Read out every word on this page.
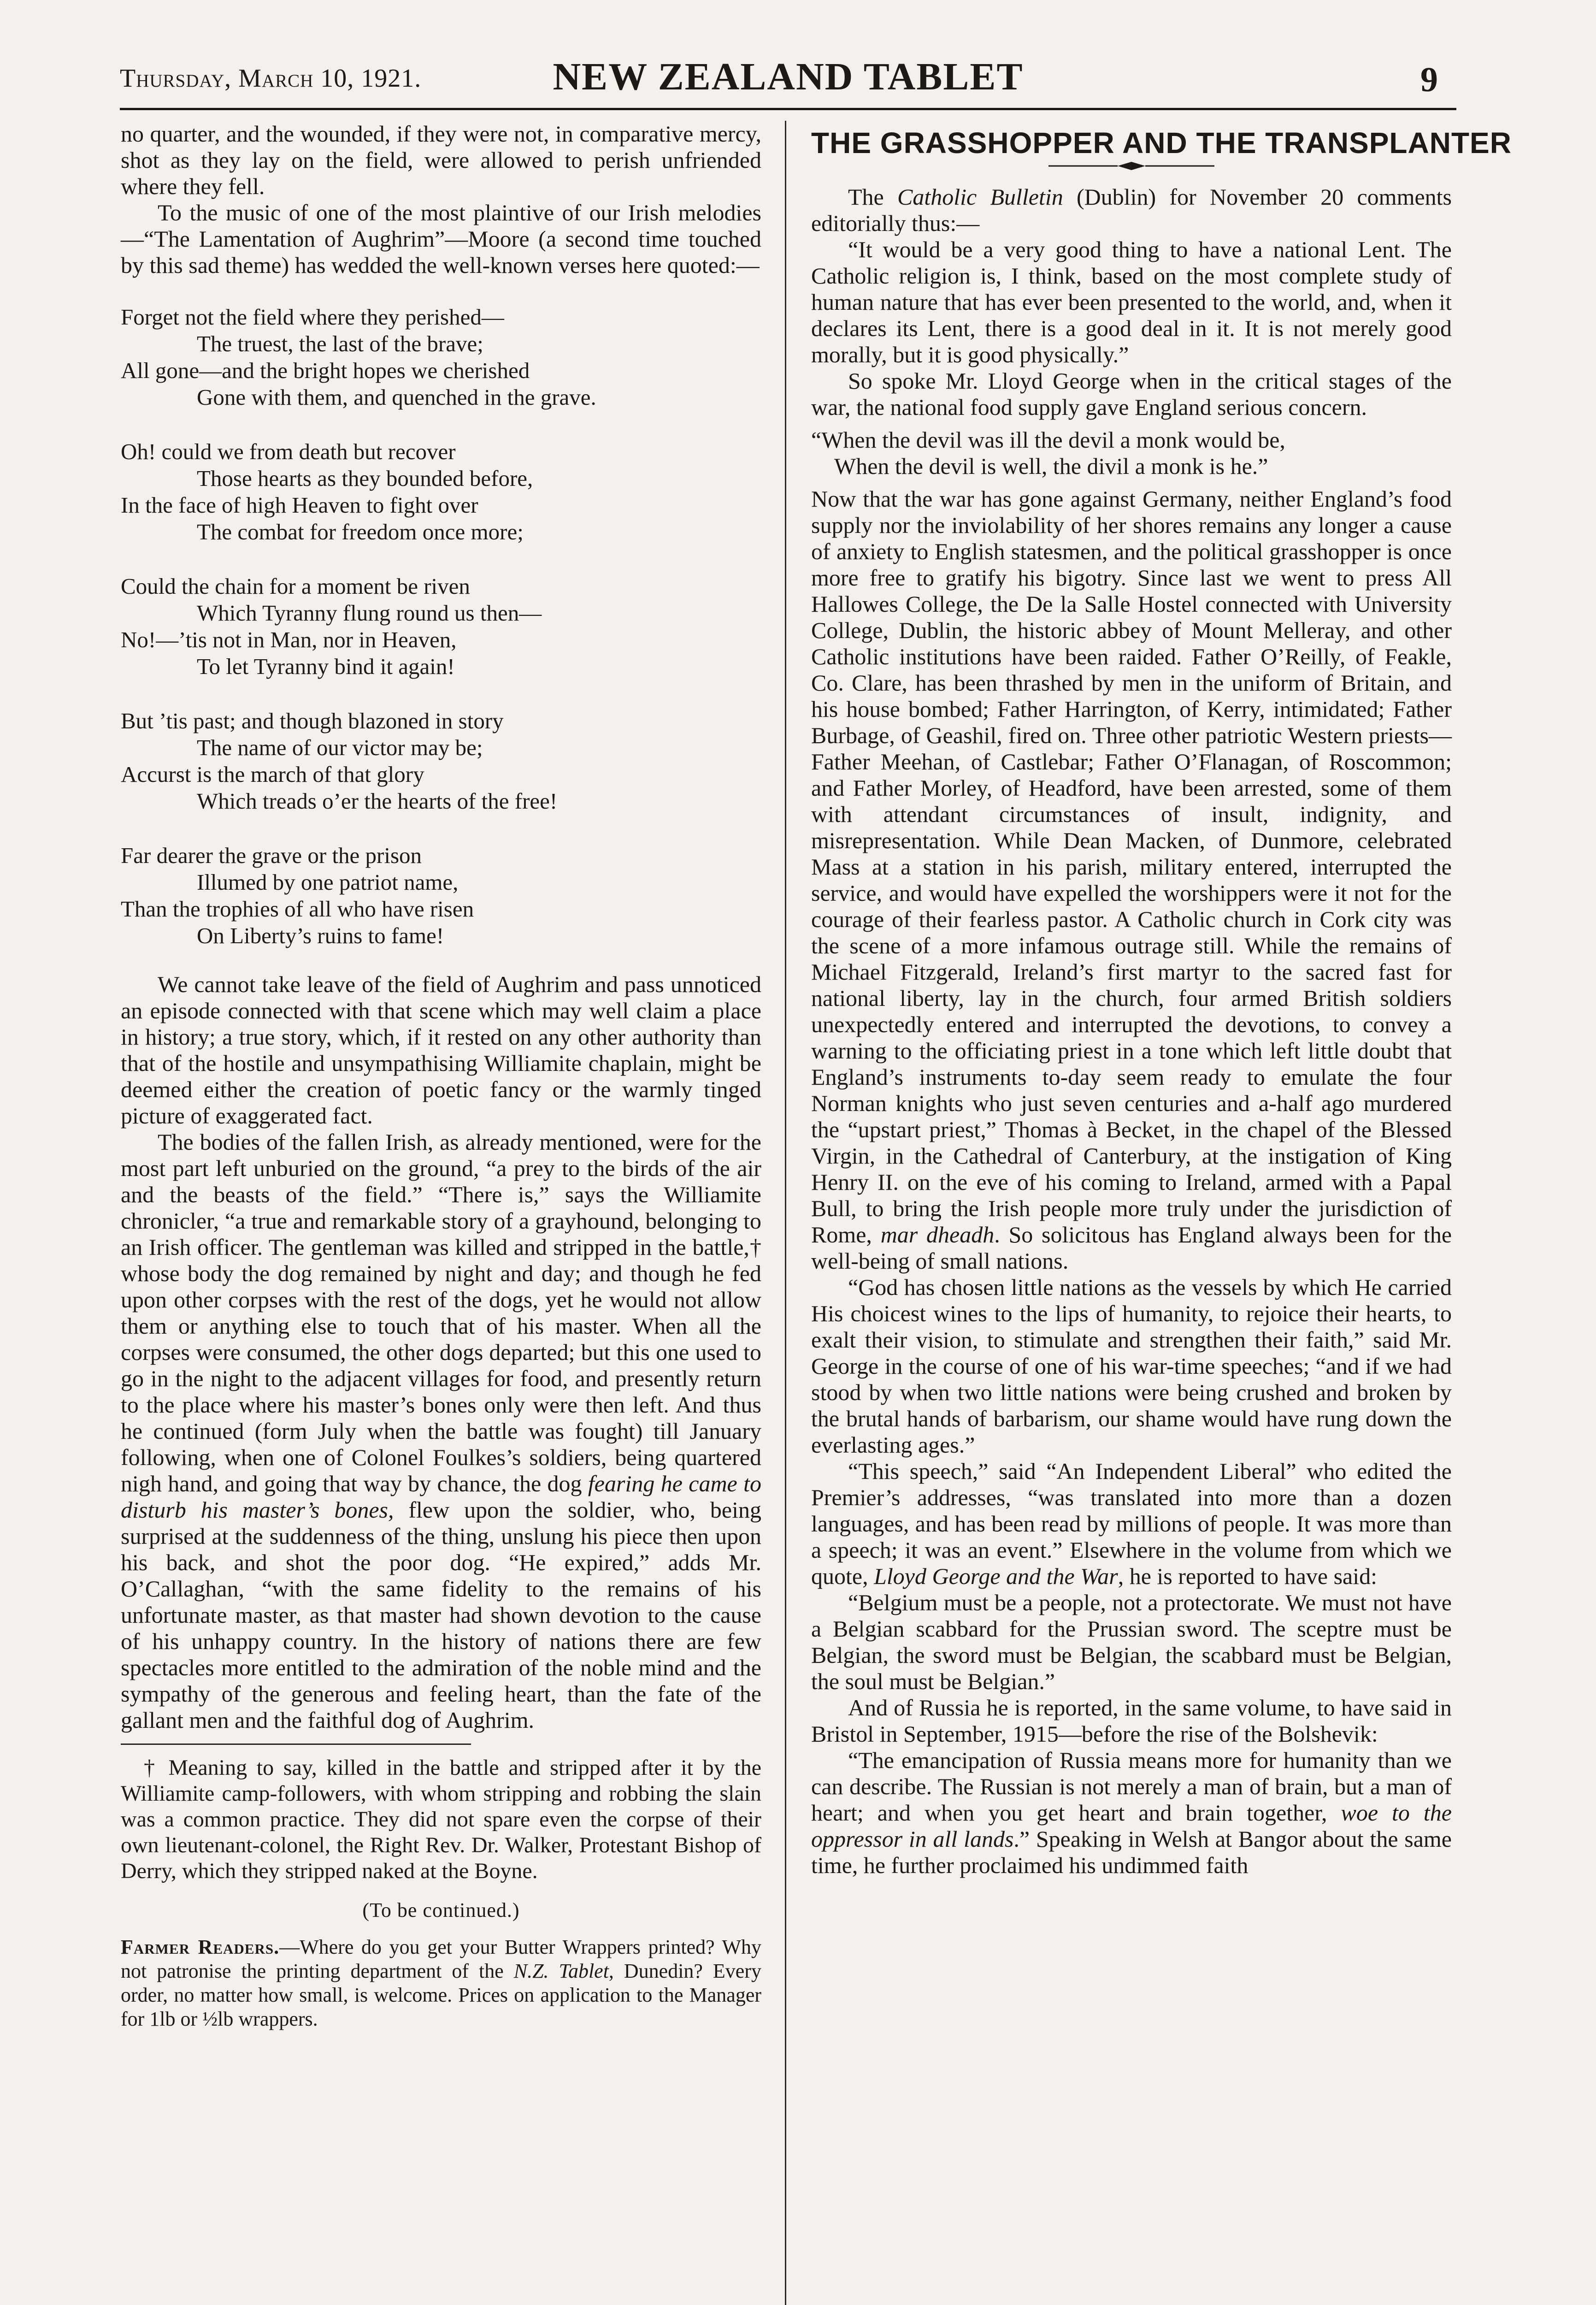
Thursday, March 10, 1921.	NEW ZEALAND TABLET	9

no quarter, and the wounded, if they were not, in comparative mercy, shot as they lay on the field, were allowed to perish unfriended where they fell.

To the music of one of the most plaintive of our Irish melodies—“The Lamentation of Aughrim”—Moore (a second time touched by this sad theme) has wedded the well-known verses here quoted:—

Forget not the field where they perished—
The truest, the last of the brave;
All gone—and the bright hopes we cherished
Gone with them, and quenched in the grave.
Oh! could we from death but recover
Those hearts as they bounded before,
In the face of high Heaven to fight over
The combat for freedom once more;
Could the chain for a moment be riven
Which Tyranny flung round us then—
No!—’tis not in Man, nor in Heaven,
To let Tyranny bind it again!
But ’tis past; and though blazoned in story
The name of our victor may be;
Accurst is the march of that glory
Which treads o’er the hearts of the free!
Far dearer the grave or the prison
Illumed by one patriot name,
Than the trophies of all who have risen
On Liberty’s ruins to fame!

We cannot take leave of the field of Aughrim and pass unnoticed an episode connected with that scene which may well claim a place in history; a true story, which, if it rested on any other authority than that of the hostile and unsympathising Williamite chaplain, might be deemed either the creation of poetic fancy or the warmly tinged picture of exaggerated fact.

The bodies of the fallen Irish, as already mentioned, were for the most part left unburied on the ground, “a prey to the birds of the air and the beasts of the field.” “There is,” says the Williamite chronicler, “a true and remarkable story of a grayhound, belonging to an Irish officer. The gentleman was killed and stripped in the battle,† whose body the dog remained by night and day; and though he fed upon other corpses with the rest of the dogs, yet he would not allow them or anything else to touch that of his master. When all the corpses were consumed, the other dogs departed; but this one used to go in the night to the adjacent villages for food, and presently return to the place where his master’s bones only were then left. And thus he continued (form July when the battle was fought) till January following, when one of Colonel Foulkes’s soldiers, being quartered nigh hand, and going that way by chance, the dog fearing he came to disturb his master’s bones, flew upon the soldier, who, being surprised at the suddenness of the thing, unslung his piece then upon his back, and shot the poor dog. “He expired,” adds Mr. O’Callaghan, “with the same fidelity to the remains of his unfortunate master, as that master had shown devotion to the cause of his unhappy country. In the history of nations there are few spectacles more entitled to the admiration of the noble mind and the sympathy of the generous and feeling heart, than the fate of the gallant men and the faithful dog of Aughrim.

† Meaning to say, killed in the battle and stripped after it by the Williamite camp-followers, with whom stripping and robbing the slain was a common practice. They did not spare even the corpse of their own lieutenant-colonel, the Right Rev. Dr. Walker, Protestant Bishop of Derry, which they stripped naked at the Boyne.

(To be continued.)
Farmer Readers.—Where do you get your Butter Wrappers printed? Why not patronise the printing department of the N.Z. Tablet, Dunedin? Every order, no matter how small, is welcome. Prices on application to the Manager for 1lb or ½lb wrappers.
THE GRASSHOPPER AND THE TRANSPLANTER

The Catholic Bulletin (Dublin) for November 20 comments editorially thus:—

“It would be a very good thing to have a national Lent. The Catholic religion is, I think, based on the most complete study of human nature that has ever been presented to the world, and, when it declares its Lent, there is a good deal in it. It is not merely good morally, but it is good physically.”

So spoke Mr. Lloyd George when in the critical stages of the war, the national food supply gave England serious concern.

“When the devil was ill the devil a monk would be,
When the devil is well, the divil a monk is he.”

Now that the war has gone against Germany, neither England’s food supply nor the inviolability of her shores remains any longer a cause of anxiety to English statesmen, and the political grasshopper is once more free to gratify his bigotry. Since last we went to press All Hallowes College, the De la Salle Hostel connected with University College, Dublin, the historic abbey of Mount Melleray, and other Catholic institutions have been raided. Father O’Reilly, of Feakle, Co. Clare, has been thrashed by men in the uniform of Britain, and his house bombed; Father Harrington, of Kerry, intimidated; Father Burbage, of Geashil, fired on. Three other patriotic Western priests—Father Meehan, of Castlebar; Father O’Flanagan, of Roscommon; and Father Morley, of Headford, have been arrested, some of them with attendant circumstances of insult, indignity, and misrepresentation. While Dean Macken, of Dunmore, celebrated Mass at a station in his parish, military entered, interrupted the service, and would have expelled the worshippers were it not for the courage of their fearless pastor. A Catholic church in Cork city was the scene of a more infamous outrage still. While the remains of Michael Fitzgerald, Ireland’s first martyr to the sacred fast for national liberty, lay in the church, four armed British soldiers unexpectedly entered and interrupted the devotions, to convey a warning to the officiating priest in a tone which left little doubt that England’s instruments to-day seem ready to emulate the four Norman knights who just seven centuries and a-half ago murdered the “upstart priest,” Thomas à Becket, in the chapel of the Blessed Virgin, in the Cathedral of Canterbury, at the instigation of King Henry II. on the eve of his coming to Ireland, armed with a Papal Bull, to bring the Irish people more truly under the jurisdiction of Rome, mar dheadh. So solicitous has England always been for the well-being of small nations.

“God has chosen little nations as the vessels by which He carried His choicest wines to the lips of humanity, to rejoice their hearts, to exalt their vision, to stimulate and strengthen their faith,” said Mr. George in the course of one of his war-time speeches; “and if we had stood by when two little nations were being crushed and broken by the brutal hands of barbarism, our shame would have rung down the everlasting ages.”

“This speech,” said “An Independent Liberal” who edited the Premier’s addresses, “was translated into more than a dozen languages, and has been read by millions of people. It was more than a speech; it was an event.” Elsewhere in the volume from which we quote, Lloyd George and the War, he is reported to have said:

“Belgium must be a people, not a protectorate. We must not have a Belgian scabbard for the Prussian sword. The sceptre must be Belgian, the sword must be Belgian, the scabbard must be Belgian, the soul must be Belgian.”

And of Russia he is reported, in the same volume, to have said in Bristol in September, 1915—before the rise of the Bolshevik:

“The emancipation of Russia means more for humanity than we can describe. The Russian is not merely a man of brain, but a man of heart; and when you get heart and brain together, woe to the oppressor in all lands.” Speaking in Welsh at Bangor about the same time, he further proclaimed his undimmed faith
